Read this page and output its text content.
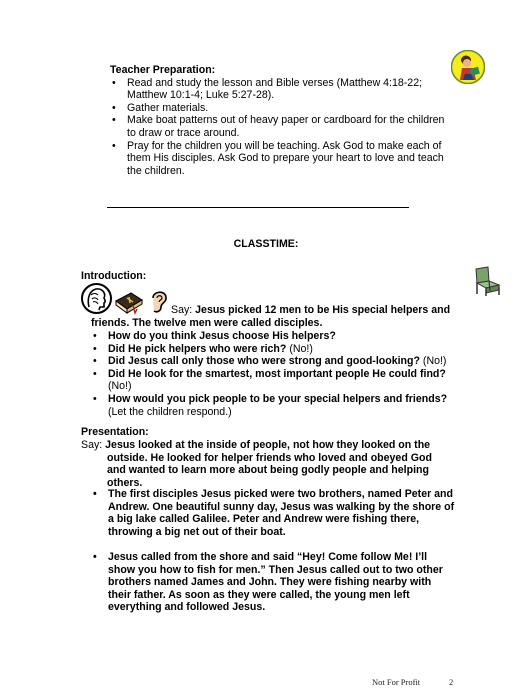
Teacher Preparation:
• Read and study the lesson and Bible verses (Matthew 4:18-22; Matthew 10:1-4; Luke 5:27-28).
• Gather materials.
• Make boat patterns out of heavy paper or cardboard for the children to draw or trace around.
• Pray for the children you will be teaching. Ask God to make each of them His disciples. Ask God to prepare your heart to love and teach the children.
CLASSTIME:
Introduction:
Say: Jesus picked 12 men to be His special helpers and friends. The twelve men were called disciples.
• How do you think Jesus choose His helpers?
• Did He pick helpers who were rich? (No!)
• Did Jesus call only those who were strong and good-looking? (No!)
• Did He look for the smartest, most important people He could find? (No!)
• How would you pick people to be your special helpers and friends? (Let the children respond.)
Presentation:
Say: Jesus looked at the inside of people, not how they looked on the outside. He looked for helper friends who loved and obeyed God and wanted to learn more about being godly people and helping others.
• The first disciples Jesus picked were two brothers, named Peter and Andrew. One beautiful sunny day, Jesus was walking by the shore of a big lake called Galilee. Peter and Andrew were fishing there, throwing a big net out of their boat.
• Jesus called from the shore and said “Hey! Come follow Me! I’ll show you how to fish for men.” Then Jesus called out to two other brothers named James and John. They were fishing nearby with their father. As soon as they were called, the young men left everything and followed Jesus.
Not For Profit	2
